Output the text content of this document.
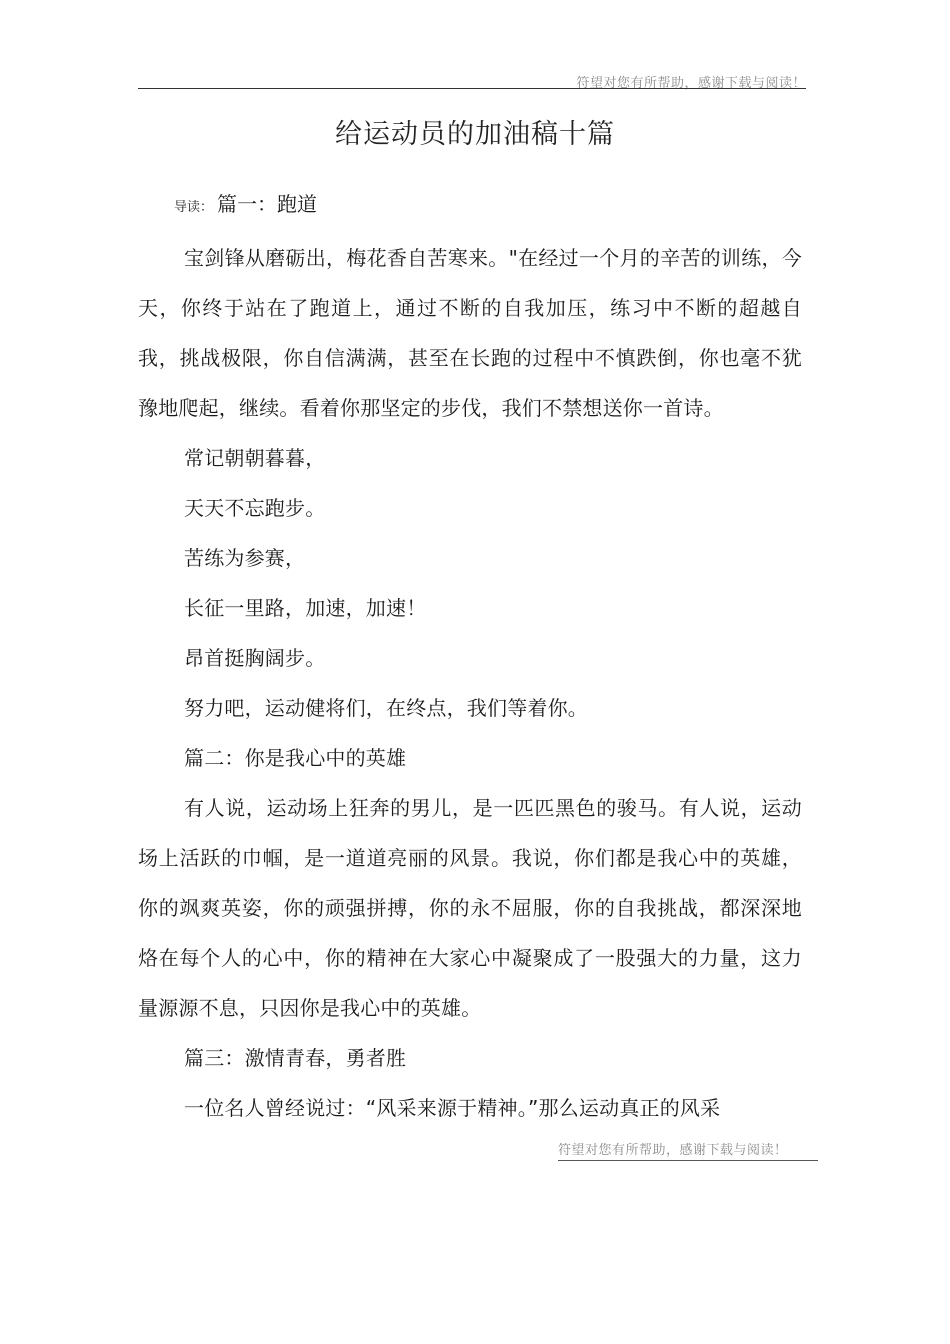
符望对您有所帮助，感谢下载与阅读！
给运动员的加油稿十篇
导读： 篇一：跑道

宝剑锋从磨砺出，梅花香自苦寒来。"在经过一个月的辛苦的训练，今天，你终于站在了跑道上，通过不断的自我加压，练习中不断的超越自我，挑战极限，你自信满满，甚至在长跑的过程中不慎跌倒，你也毫不犹豫地爬起，继续。看着你那坚定的步伐，我们不禁想送你一首诗。

常记朝朝暮暮，

天天不忘跑步。

苦练为参赛，

长征一里路，加速，加速！

昂首挺胸阔步。

努力吧，运动健将们，在终点，我们等着你。

篇二：你是我心中的英雄

有人说，运动场上狂奔的男儿，是一匹匹黑色的骏马。有人说，运动场上活跃的巾帼，是一道道亮丽的风景。我说，你们都是我心中的英雄，你的飒爽英姿，你的顽强拼搏，你的永不屈服，你的自我挑战，都深深地烙在每个人的心中，你的精神在大家心中凝聚成了一股强大的力量，这力量源源不息，只因你是我心中的英雄。

篇三：激情青春，勇者胜

一位名人曾经说过：“风采来源于精神。”那么运动真正的风采

符望对您有所帮助，感谢下载与阅读！
